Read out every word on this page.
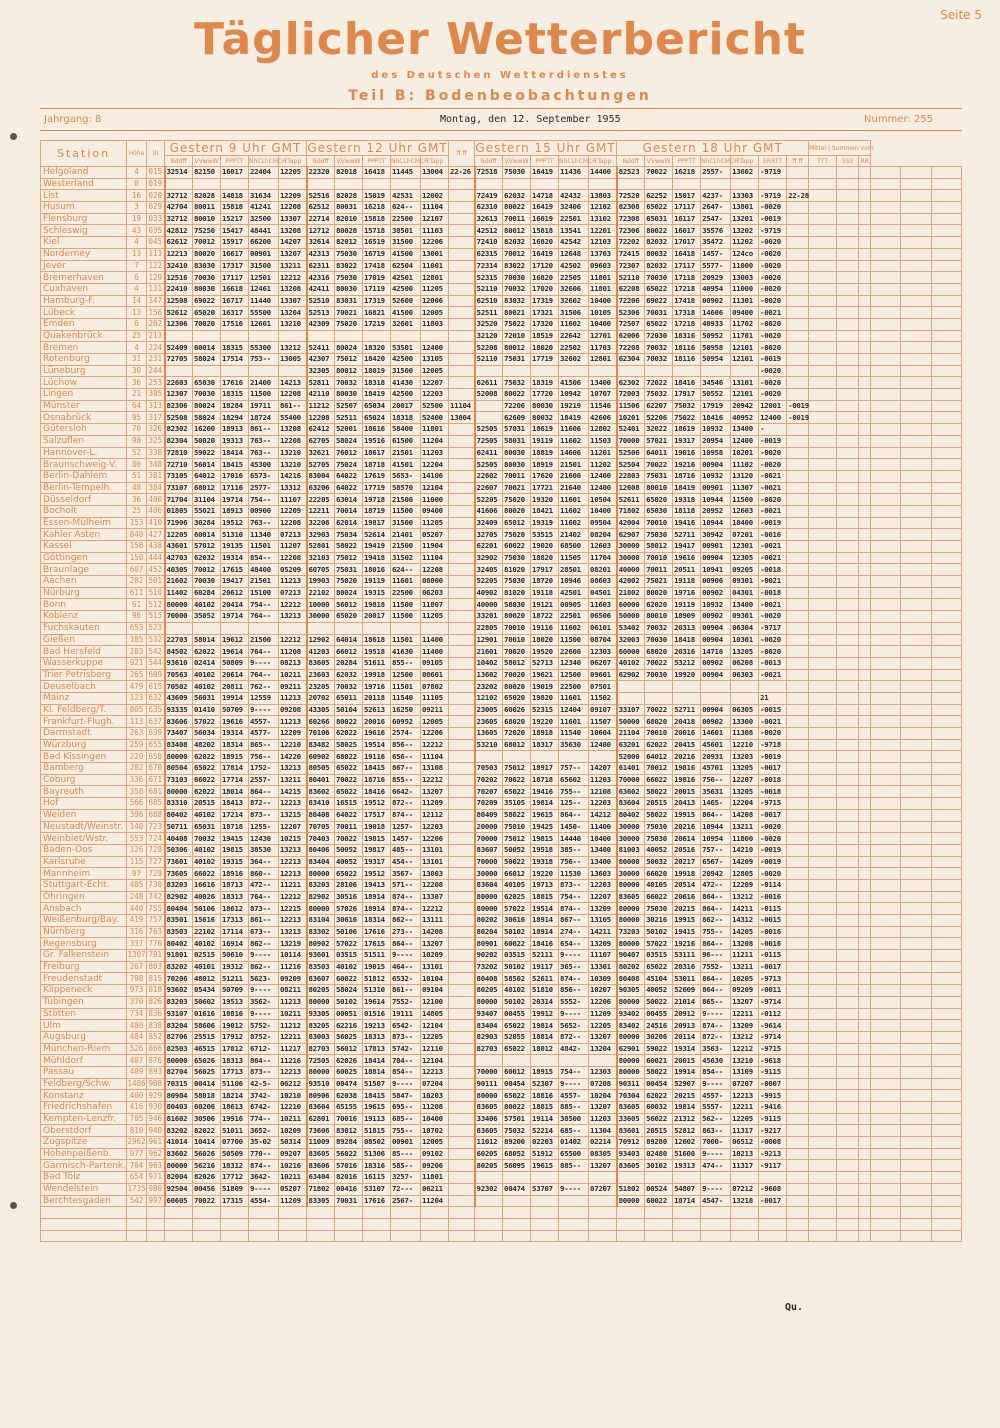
Seite 5
Täglicher Wetterbericht
des Deutschen Wetterdienstes
Teil B: Bodenbeobachtungen
Jahrgang: 8	Montag, den 12. September 1955	Nummer: 255
Station	Höhe	III	Gestern 9 Uhr GMT					Gestern 12 Uhr GMT					ff ff	Gestern 15 Uhr GMT					Gestern 18 Uhr GMT							Mittel | Summen vom					
			Nddff	VVwwW	PPPTT	NhCLhCMCH	TTapp	Nddff	VVwwW	PPPTT	NhCLhCMCH	TTapp		Nddff	VVwwW	PPPTT	NhCLhCMCH	TTapp	Nddff	VVwwW	PPPTT	NhCLhCMCH	TTapp	ERRTT	ff ff	TTT	SSS	RR			
Helgoland	4	015	32514	82150	16017	22404	12205	22320	82018	16418	11445	13004	22-26	72518	75030	16419	11436	14400	82523	70022	16218	2557-	13602	-9719							
Westerland	0	019																													
List	16	020	32712	82028	14818	31634	12209	52516	82028	15019	42531	12002		72419	62032	14718	42432	13803	72520	62252	15017	4237-	13303	-9719	22-28						
Husum	3	029	42704	80011	15818	41241	12208	62512	80031	16218	624--	11104		62310	80022	16419	32406	12102	82308	65022	17117	2647-	13801	-0020							
Flensburg	19	033	32712	80010	15217	32500	13307	22714	82010	15818	22500	12107		32613	70011	16019	22501	13102	72308	65031	16117	2547-	13201	-0019							
Schleswig	43	035	42812	75250	15417	48441	13208	12712	80028	15718	38501	11103		42512	80012	15818	13541	12201	72306	80022	16017	35576	13202	-9719							
Kiel	4	045	62612	70012	15917	66200	14207	32614	82012	16519	31500	12206		72410	82032	16820	42542	12103	72202	82032	17017	35472	11202	-0020							
Norderney	13	113	12213	80020	16617	00901	13207	42313	75030	16719	41500	13001		62315	70012	16419	12648	13703	72415	80032	16418	1457-	124co	-0020							
Jever	7	122	32410	83030	17317	31500	13211	62311	83022	17418	62504	11001		72314	83022	17120	42502	09603	72307	82032	17117	5577-	11000	-0020							
Bremerhaven	6	129	12516	70030	17117	12501	12212	42316	75030	17019	42501	12801		52315	70030	16820	22505	11801	52110	70030	17118	20929	13003	-0020							
Cuxhaven	4	131	22410	80030	16618	12461	13208	42411	80030	17119	42500	11205		52110	70032	17020	32606	11801	62208	65022	17218	40954	11000	-0020							
Hamburg-F.	14	147	12508	69022	16717	11440	13307	52510	83031	17319	52600	12006		62510	83032	17319	32602	10400	72206	69022	17418	00902	11301	-0020							
Lübeck	13	156	52612	65020	16317	55500	13204	52513	70021	16821	41500	12005		52511	80021	17321	31506	10105	52306	70031	17318	14606	09400	-0021							
Emden	6	202	12306	70020	17516	12601	13210	42309	75020	17219	32601	11803		32520	75022	17320	11602	10400	72507	65022	17218	40933	11702	-0020							
Quakenbrück	25	213												32120	72010	18519	22642	12701	62006	72030	18316	50952	11701	-0020							
Bremen	4	224	52409	60014	18315	55300	13212	52411	80024	18320	53501	12400		52208	80012	18020	22502	11703	72208	70032	18116	50958	12101	-0020							
Rotenburg	31	231	72705	58024	17514	753--	13005	42307	75012	18420	42500	13105		52110	75031	17719	32602	12801	62304	70032	18116	50954	12101	-0019							
Lüneburg	30	244						32305	80012	18019	31500	12005												-0020							
Lüchow	36	253	22603	65030	17616	21400	14213	52811	70032	18318	41430	12207		62611	75032	18319	41506	13400	62302	72022	18416	34546	13101	-0020							
Lingen	21	305	12307	70030	18315	11500	12208	42110	80030	18419	42500	12203		52008	80022	17720	10942	10707	72003	75032	17917	50552	12101	-0020							
Münster	64	313	82306	80024	18284	19711	861--	11212	52507	65034	20017	52500	11104		72206	80030	19219	11546	11506	62207	75032	17919	20942	12001	-0019						
Osnabrück	95	317	52508	58024	18294	18724	55400	12208	52511	65024	18318	52400	13804		62609	80032	18419	42606	10201	52206	75022	18416	40952	12400	-0019						
Gütersloh	70	326	82302	16200	18913	861--	13208	62412	52001	18616	58400	11801		52505	57031	18619	11606	12802	52401	32022	18619	10932	13400	-							
Salzuflen	98	325	82304	50020	19313	763--	12208	62705	58024	19516	61500	11204		72505	58031	19119	11602	11503	70000	57021	19317	20954	12400	-0019							
Hannover-L.	52	338	72810	59022	18414	763--	13210	32621	76012	18617	21501	11203		62411	80030	18819	14606	11201	52506	64011	19016	10958	10201	-0020							
Braunschweig-V.	80	348	72710	56014	18415	45300	13210	52705	75024	18718	41501	12204		52505	80030	18919	21501	11202	52504	70022	19216	00904	11102	-0020							
Berlin-Dahlem	51	381	73105	64012	17016	6573-	14216	83004	64022	17619	5653-	14106		22602	70011	17620	21600	12400	22803	75031	18716	10932	13120	-0021							
Berlin-Tempelh.	48	384	73107	68012	17116	2577-	13312	63206	64022	17719	58570	12104		22607	70021	17721	21640	12400	12608	80010	18419	00901	11307	-0021							
Düsseldorf	36	400	71704	31104	19714	754--	11107	22205	63014	19718	21500	11000		52205	75020	19320	11601	10504	52611	65020	19318	10944	11500	-0020							
Bocholt	25	406	01805	55021	18913	00900	12209	12211	70014	18719	11500	09400		41606	80020	18421	11602	10400	71802	65030	18118	20952	12603	-0021							
Essen-Mülheim	153	410	71906	30284	19512	763--	12208	32206	62014	19817	31500	11205		32409	65012	19319	11602	09504	42004	70010	19416	10944	10400	-0019							
Kahler Asten	840	427	12205	60014	51310	11340	07213	32903	75034	52614	21401	05207		32705	75020	53515	21402	08204	62907	75030	52711	30942	07201	-0016							
Kassel	158	438	43601	57012	19135	11501	11207	52801	58022	19419	21500	11904		62201	60022	19020	68500	12603	30000	58012	19417	00901	12301	-0021							
Göttingen	150	444	42703	62032	19314	854--	12208	32103	75012	19418	31502	11104		32902	75030	18820	11505	11704	30000	70010	19616	00904	12305	-0021							
Braunlage	607	452	40305	70012	17615	48400	05209	60705	75031	18016	624--	12208		32405	81020	17917	28501	08201	40000	70011	20511	10941	09205	-0018							
Aachen	202	501	21602	70030	19417	21501	11213	19903	75020	19119	11601	08000		52205	75030	18720	10946	08603	42002	75021	19118	00906	09301	-0021							
Nürburg	611	510	11402	60284	20612	15100	07213	22102	80024	19315	22500	06203		40902	81020	19118	42501	04501	21802	80020	19716	00902	04301	-0018							
Bonn	61	512	80000	40102	20414	754--	12212	10000	56012	19818	11500	11807		40000	58030	19121	00905	11603	60000	62020	19119	10932	13400	-0021							
Koblenz	96	515	70000	35052	19714	764--	13213	30000	65020	20017	11500	11205		33201	80020	18722	22501	06506	50000	80010	18909	00902	09301	-0020							
Fuchskauten	653	523												22805	70010	19116	11602	06101	53402	70032	20313	00904	06304	-9717							
Gießen	185	532	22703	58014	19612	21500	12212	12902	64014	18618	11501	11400		12901	70010	18020	11500	08704	32003	70030	18418	00904	10301	-0020							
Bad Hersfeld	203	542	84502	62022	19614	764--	11208	41203	66012	19518	41630	11400		21601	70020	19520	22600	12303	60000	68020	20316	14716	13205	-0020							
Wasserkuppe	921	544	93610	02414	50809	9----	08213	83605	20284	51611	855--	09105		10402	58012	52713	12340	06207	40102	70022	53212	00902	06208	-0013							
Trier Petrisberg	265	609	70563	40102	20614	764--	10211	23603	62032	19918	12500	08601		13602	70020	19621	12500	09601	62902	70030	19920	00904	06303	-0021							
Deuselbach	479	615	70502	40102	20811	762--	09211	23205	70032	19716	11501	07802		23202	80020	19019	22500	07501													
Mainz	123	632	43609	56031	19914	12559	11213	20702	65011	20118	11540	11105		12102	65020	19820	11601	11502						21							
Kl. Feldberg/T.	805	635	93335	01410	50709	9----	09208	43305	50104	52613	16250	09211		23005	60026	52315	12404	09107	33107	70022	52711	00904	06305	-0015							
Frankfurt-Flugh.	113	637	83606	57022	19616	4557-	11213	60266	80022	20016	60952	12005		23605	68020	19220	11601	11507	50000	68020	20418	00902	13300	-0021							
Darmstadt	263	639	73407	56034	19314	4577-	12209	70106	62022	19616	2574-	12206		13605	72020	18918	11540	10604	21104	70010	20016	14601	11308	-0020							
Würzburg	259	655	83408	48202	18314	865--	12210	83482	58025	19514	856--	12212		53210	68012	18317	35630	12400	63201	62022	20415	45601	12210	-9718							
Bad Kissingen	220	658	80000	62022	18915	756--	14220	60902	68022	19116	656--	11104							52000	64012	20216	20931	13203	-0019							
Bamberg	282	670	80504	65022	17814	1752-	13213	80505	65022	18415	867--	13108		70503	75012	18917	757--	14207	61401	70012	19816	45701	13205	-0017							
Coburg	336	671	73103	66022	17714	2557-	13211	80401	70022	18716	855--	12212		70202	70022	18718	65602	11203	70000	66022	19816	756--	12207	-0018							
Bayreuth	358	681	80000	62022	18014	864--	14215	83602	65022	18416	6642-	13207		70207	65022	19416	755--	12108	63602	58022	20015	35631	13205	-0018							
Hof	566	685	83310	20515	18413	872--	12213	83410	16515	19512	872--	11209		70209	35105	19814	125--	12203	83604	20515	20413	1465-	12204	-9715							
Weiden	396	688	80402	40102	17214	873--	13215	80408	64022	17517	874--	12112		80409	58022	19615	864--	14212	80402	58022	19915	864--	14208	-0017							
Neustadt/Weinstr.	140	723	50711	65031	18718	1255-	12207	70705	70011	19018	1257-	12203		20000	75010	19425	1450-	11400	30000	75030	20216	10944	13211	-0020							
Weinbiet/Wstr.	553	724	40408	70032	19415	12430	10215	70403	70022	19815	1457-	12206		70000	75012	19815	14440	10400	30000	75030	20614	10954	11800	-0020							
Baden-Oos	126	728	50306	40102	19815	38530	13213	80406	50052	19817	485--	13101		83607	50052	19518	385--	13400	81003	40052	20516	757--	14210	-0019							
Karlsruhe	115	727	73601	40102	19315	364--	12213	83404	40052	19317	454--	13101		70000	50022	19318	756--	13400	80000	50032	20217	6567-	14209	-0019							
Mannheim	97	729	73605	66022	18916	860--	12213	80000	65022	19512	3567-	13003		30000	66012	19220	11530	13603	30000	66020	19918	20942	12805	-0020							
Stuttgart-Echt.	405	738	83203	16616	18713	472--	11211	83203	28106	19413	571--	12208		83604	40105	19713	873--	12203	80000	40105	20514	472--	12209	-0114							
Öhringen	248	742	82902	40026	18313	764--	12212	82902	30516	18914	874--	13307		80000	62025	18815	754--	12207	83605	66022	20616	864--	13212	-0016							
Ansbach	440	755	80404	50106	18612	873--	12215	80000	57026	18914	874--	12212		80000	57022	19514	874--	13209	80000	75030	20215	864--	14211	-0115							
Weißenburg/Bay.	419	757	83501	15616	17313	861--	12213	83104	30616	18314	862--	13111		80202	30616	18914	867--	13105	80000	30216	19915	862--	14312	-0015							
Nürnberg	316	763	83503	22102	17114	673--	13213	83302	50106	17616	273--	14208		80204	50102	18914	274--	14211	73203	50102	19415	755--	14205	-0016							
Regensburg	337	776	80402	40102	16914	862--	13219	80902	57022	17615	864--	13207		80901	60022	18416	654--	13209	80000	57022	19216	864--	13208	-0016							
Gr. Falkenstein	1307	791	91801	02515	50610	9----	10114	93601	03515	51511	9----	10209		90202	03515	52111	9----	11107	90407	03515	53111	96---	11211	-0115							
Freiburg	267	803	83202	40101	19312	862--	11216	83503	40102	19015	464--	13101		73202	50102	19117	365--	13301	80202	65022	20316	7552-	13211	-0017							
Freudenstadt	798	815	70206	48012	51211	5623-	09209	83607	60022	51812	6532-	10104		80408	58502	52611	874--	10309	80408	45104	53011	864--	10205	-9713							
Klippeneck	973	818	93602	05434	50709	9----	08211	80205	58024	51310	861--	09104		80205	40102	51810	856--	10207	90305	40052	52609	864--	09209	-0011							
Tübingen	370	826	83203	50602	19513	3562-	11213	80000	50102	19614	7552-	12100		80000	50102	20314	5552-	12206	80000	50022	21014	865--	13207	-9714							
Stötten	734	836	93107	01616	18816	9----	10211	93305	00051	01516	19111	14805		93407	00455	19912	9----	11209	93402	00455	20912	9----	12211	-0112							
Ulm	480	838	83204	58606	19012	5752-	11212	83205	62216	19213	6542-	12104		83404	65022	19814	5652-	12205	83402	24516	20913	874--	13209	-9614							
Augsburg	484	852	82706	25515	17912	8752-	12211	83003	56025	18313	873--	12205		82903	52055	18814	872--	13207	80000	30206	20114	872--	13212	-9714							
München-Riem	526	866	82503	46515	17812	6712-	11217	82703	56012	17813	5742-	12110		82703	65022	18012	4842-	13204	62901	59022	19314	3563-	12212	-9715							
Mühldorf	407	876	80000	65026	18313	864--	11216	72505	62026	18414	784--	12104							80000	60021	20015	45630	13210	-9618							
Passau	409	893	82704	56025	17713	873--	12213	80000	60025	18814	854--	12213		70000	60012	18915	754--	12303	80000	58022	19914	854--	13109	-9115							
Feldberg/Schw.	1486	908	70315	00414	51106	42-5-	06212	93510	00474	51507	9----	07204		90111	00454	52307	9----	07208	90311	00454	52907	9----	07207	-0007							
Konstanz	400	929	80904	58018	18214	3742-	10210	80906	62038	18415	5847-	10203		80000	65022	18816	4557-	10204	70304	62022	20215	4557-	12213	-9915							
Friedrichshafen	416	930	80403	60206	18613	6742-	12210	83604	65155	19615	695--	11208		83605	80022	18815	885--	13207	83605	60032	19814	5557-	12211	-9416							
Kempten-Lenzfr.	705	946	81602	30506	19916	774--	10211	62801	70016	19113	685--	10400		33406	57501	19114	38500	11203	33605	56022	21312	562--	12205	-9115							
Oberstdorf	810	948	83202	82022	51011	3652-	10209	73606	83012	51815	755--	10702		83605	75032	52214	685--	11304	83601	20515	52812	863--	11317	-9217							
Zugspitze	2962	961	41014	10414	07700	35-02	50314	11009	89284	08502	00901	12005		11012	89200	02203	01402	02214	70912	89280	12602	7000-	06512	-0008							
Hohenpeißenb.	977	962	83602	56026	50509	770--	09207	83605	56022	51306	85---	09102		60205	68052	51912	65500	08305	93403	02480	51600	9----	10213	-9213							
Garmisch-Partenk.	704	963	80000	56216	18312	874--	10216	83606	57016	18316	585--	09206		80205	56095	19615	885--	13207	83605	30102	19313	474--	11317	-9117							
Bad Tölz	654	971	82004	82026	17712	3642-	10211	63404	82016	16115	3257-	11801																			
Wendelstein	1735	980	92504	00456	51809	9----	05207	71802	00416	53107	72---	06211		92302	00474	53707	9----	07207	51802	00524	54807	9----	07212	-9608							
Berchtesgaden	542	997	60605	70022	17315	4554-	11209	83305	70031	17616	2567-	11204							80000	60022	18714	4547-	13218	-0017							

Qu.
